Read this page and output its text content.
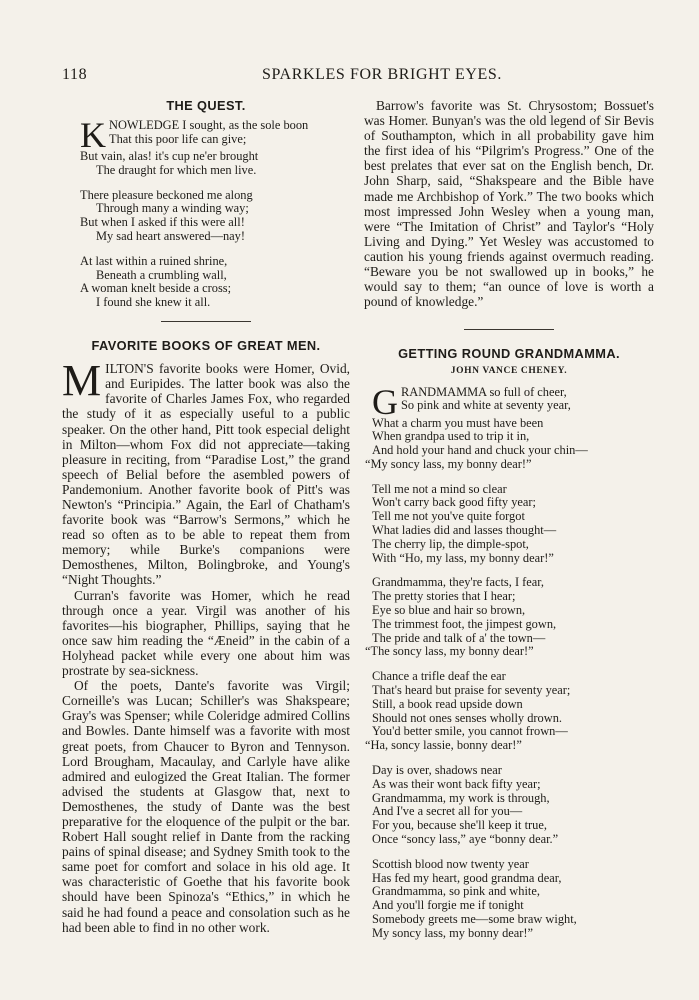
118	SPARKLES FOR BRIGHT EYES.
THE QUEST.
K NOWLEDGE I sought, as the sole boon
That this poor life can give;
But vain, alas! it's cup ne'er brought
The draught for which men live.
There pleasure beckoned me along
Through many a winding way;
But when I asked if this were all!
My sad heart answered—nay!
At last within a ruined shrine,
Beneath a crumbling wall,
A woman knelt beside a cross;
I found she knew it all.
FAVORITE BOOKS OF GREAT MEN.

MILTON'S favorite books were Homer, Ovid, and Euripides. The latter book was also the favorite of Charles James Fox, who regarded the study of it as especially useful to a public speaker. On the other hand, Pitt took especial delight in Milton—whom Fox did not appreciate—taking pleasure in reciting, from “Paradise Lost,” the grand speech of Belial before the asembled powers of Pandemonium. Another favorite book of Pitt's was Newton's “Principia.” Again, the Earl of Chatham's favorite book was “Barrow's Sermons,” which he read so often as to be able to repeat them from memory; while Burke's companions were Demosthenes, Milton, Bolingbroke, and Young's “Night Thoughts.”

Curran's favorite was Homer, which he read through once a year. Virgil was another of his favorites—his biographer, Phillips, saying that he once saw him reading the “Æneid” in the cabin of a Holyhead packet while every one about him was prostrate by sea-sickness.

Of the poets, Dante's favorite was Virgil; Corneille's was Lucan; Schiller's was Shakspeare; Gray's was Spenser; while Coleridge admired Collins and Bowles. Dante himself was a favorite with most great poets, from Chaucer to Byron and Tennyson. Lord Brougham, Macaulay, and Carlyle have alike admired and eulogized the Great Italian. The former advised the students at Glasgow that, next to Demosthenes, the study of Dante was the best preparative for the eloquence of the pulpit or the bar. Robert Hall sought relief in Dante from the racking pains of spinal disease; and Sydney Smith took to the same poet for comfort and solace in his old age. It was characteristic of Goethe that his favorite book should have been Spinoza's “Ethics,” in which he said he had found a peace and consolation such as he had been able to find in no other work.

Barrow's favorite was St. Chrysostom; Bossuet's was Homer. Bunyan's was the old legend of Sir Bevis of Southampton, which in all probability gave him the first idea of his “Pilgrim's Progress.” One of the best prelates that ever sat on the English bench, Dr. John Sharp, said, “Shakspeare and the Bible have made me Archbishop of York.” The two books which most impressed John Wesley when a young man, were “The Imitation of Christ” and Taylor's “Holy Living and Dying.” Yet Wesley was accustomed to caution his young friends against overmuch reading. “Beware you be not swallowed up in books,” he would say to them; “an ounce of love is worth a pound of knowledge.”

GETTING ROUND GRANDMAMMA.
JOHN VANCE CHENEY.
G RANDMAMMA so full of cheer,
So pink and white at seventy year,
What a charm you must have been
When grandpa used to trip it in,
And hold your hand and chuck your chin—
“My soncy lass, my bonny dear!”
Tell me not a mind so clear
Won't carry back good fifty year;
Tell me not you've quite forgot
What ladies did and lasses thought—
The cherry lip, the dimple-spot,
With “Ho, my lass, my bonny dear!”
Grandmamma, they're facts, I fear,
The pretty stories that I hear;
Eye so blue and hair so brown,
The trimmest foot, the jimpest gown,
The pride and talk of a' the town—
“The soncy lass, my bonny dear!”
Chance a trifle deaf the ear
That's heard but praise for seventy year;
Still, a book read upside down
Should not ones senses wholly drown.
You'd better smile, you cannot frown—
“Ha, soncy lassie, bonny dear!”
Day is over, shadows near
As was their wont back fifty year;
Grandmamma, my work is through,
And I've a secret all for you—
For you, because she'll keep it true,
Once “soncy lass,” aye “bonny dear.”
Scottish blood now twenty year
Has fed my heart, good grandma dear,
Grandmamma, so pink and white,
And you'll forgie me if tonight
Somebody greets me—some braw wight,
My soncy lass, my bonny dear!”
